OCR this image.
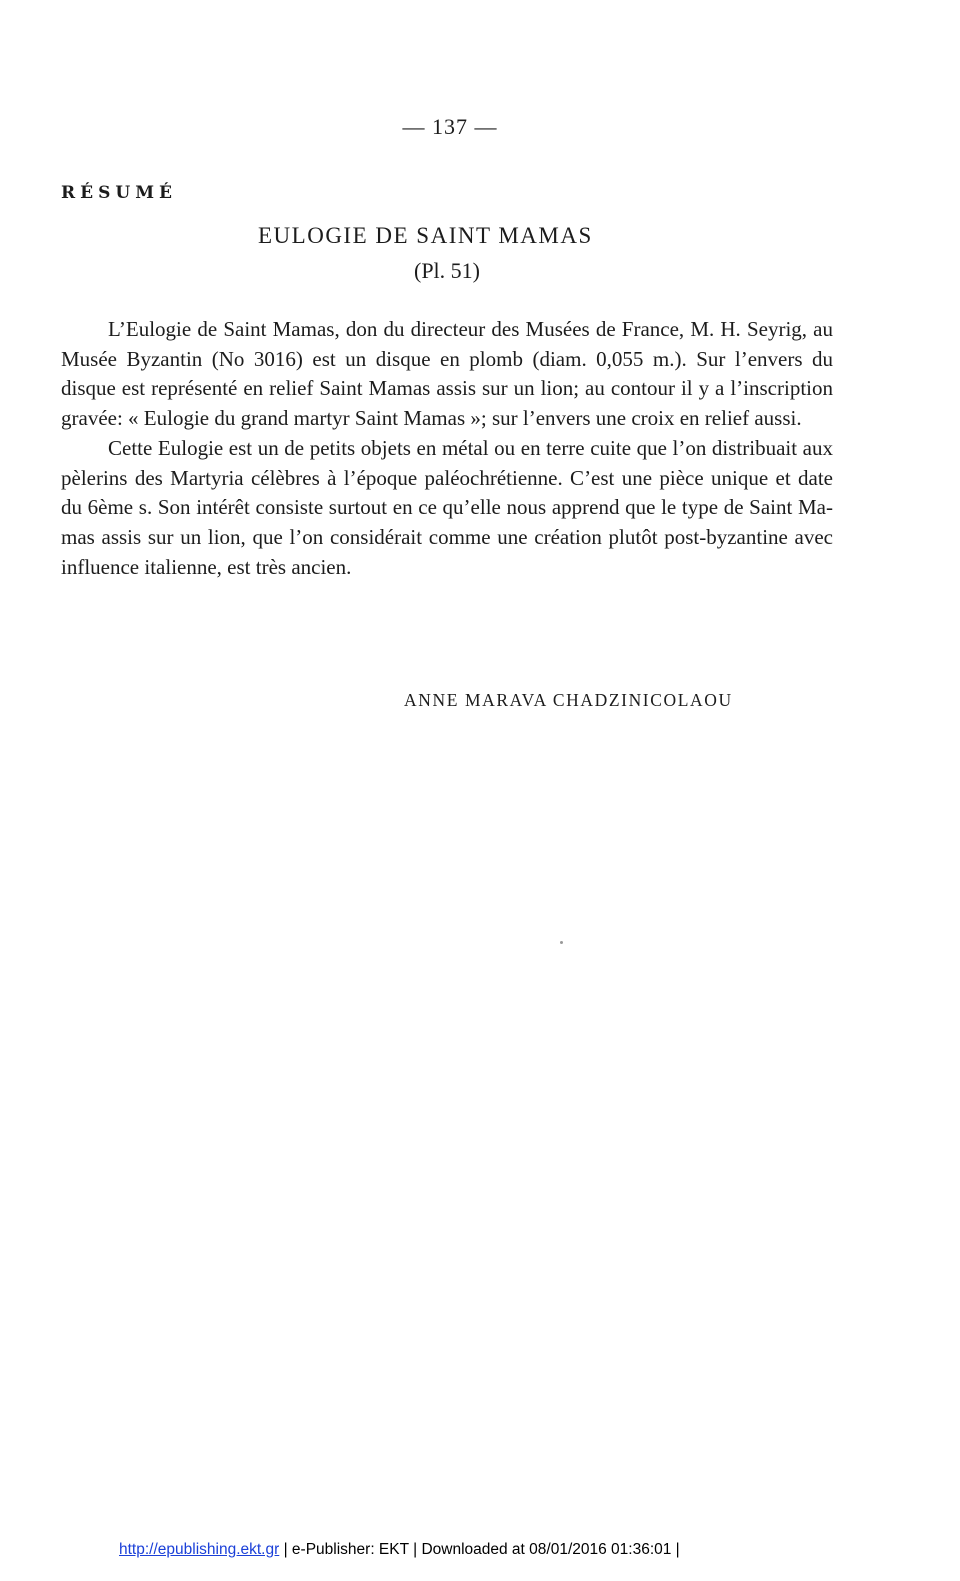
— 137 —
RÉSUMÉ
EULOGIE DE SAINT MAMAS
(Pl. 51)

L’Eulogie de Saint Mamas, don du directeur des Musées de France, M. H. Seyrig, au Musée Byzantin (No 3016) est un disque en plomb (diam. 0,055 m.). Sur l’envers du disque est représenté en relief Saint Mamas assis sur un lion; au contour il y a l’inscription gravée: « Eulogie du grand martyr Saint Mamas »; sur l’envers une croix en relief aussi.

Cette Eulogie est un de petits objets en métal ou en terre cuite que l’on distribuait aux pèlerins des Martyria célèbres à l’époque paléochrétienne. C’est une pièce unique et date du 6ème s. Son intérêt consiste surtout en ce qu’elle nous apprend que le type de Saint Mamas assis sur un lion, que l’on considérait comme une création plutôt post-byzantine avec influence italienne, est très ancien.

ANNE MARAVA CHADZINICOLAOU
http://epublishing.ekt.gr | e-Publisher: EKT | Downloaded at 08/01/2016 01:36:01 |
